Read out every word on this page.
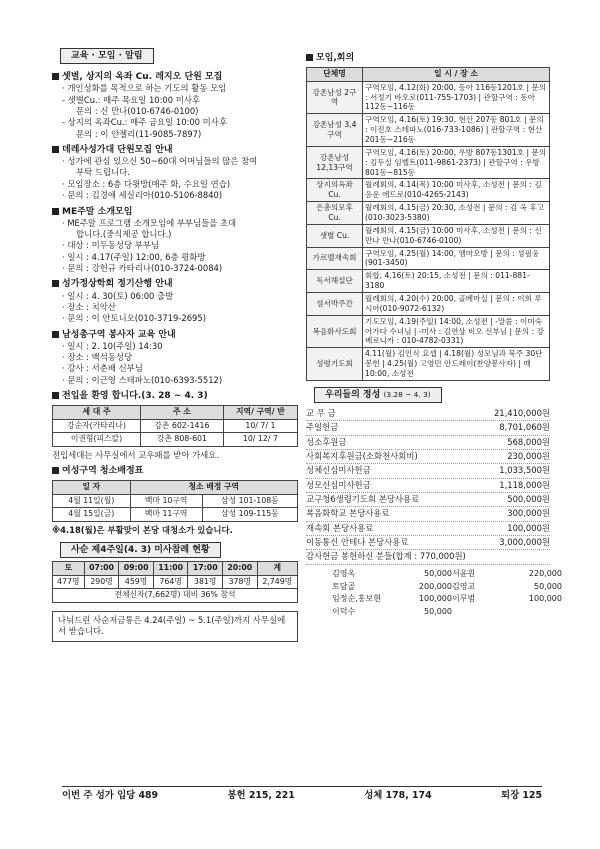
교육 · 모임 · 알림
셋별, 상지의 옥좌 Cu. 레지오 단원 모집
· 개인성화를 목적으로 하는 기도의 활동 모임
- 샛별Cu.: 매주 목요일 10:00 미사후
문의 : 신 만나(010-6746-0100)
- 상지의 옥좌Cu.: 매주 금요일 10:00 미사후
문의 : 이 안젤리(11-9085-7897)
데레사성가대 단원모집 안내
· 성가에 관심 있으신 50~60대 어머님들의 많은 참여
부탁 드립니다.
· 모임장소 : 6층 다윗방(매주 화, 수요일 연습)
· 문의 : 김경애 세실리아(010-5106-8840)
ME주말 소개모임
· ME주말 프로그램 소개모임에 부부님들을 초대
합니다.(중식제공 합니다.)
· 대상 : 미두동성당 부부님
· 일시 : 4.17(주일) 12:00, 6층 평화방
· 문의 : 강헌규 카타리나(010-3724-0084)
성가정상학회 정기산행 안내
· 일시 : 4. 30(토) 06:00 출발
· 장소 : 치악산
· 문의 : 이 안토니오(010-3719-2695)
남성총구역 봉사자 교육 안내
· 일시 : 2. 10(주일) 14:30
· 장소 : 백석동성당
· 강사 : 서춘배 신부님
· 문의 : 이근영 스테파노(010-6393-5512)
전입을 환영 합니다.(3. 28 ~ 4. 3)
세 대 주	주 소	지역/ 구역/ 반
강순자(카타리나)	강촌 602-1416	10/ 7/ 1
이권형(피스칼)	강촌 808-601	10/ 12/ 7
전입세대는 사무실에서 교우패를 받아 가세요.
여성구역 청소배정표
일 자	청소 배정 구역	
4월 11일(월)	백마 10구역	삼성 101-108동
4월 15일(금)	백마 11구역	삼성 109-115동
※4.18(월)은 부활맞이 본당 대청소가 있습니다.
사순 제4주일(4. 3) 미사참례 현황
토	07:00	09:00	11:00	17:00	20:00	계
477명	290명	459명	764명	381명	378명	2,749명
전체신자(7,662명) 대비 36% 참석						
나눠드린 사순저금통은 4.24(주일) ~ 5.1(주일)까지 사무실에서 받습니다.
모임,회의
단체명	일 시 / 장 소
강촌남성 2구역	구역모임, 4.12(화) 20:00, 동아 116동1201호 | 문의 : 서정기 바오로(011-755-1703) | 관할구역 : 동아 112동~116동
강촌남성 3,4구역	구역모임, 4.16(토) 19:30, 현산 207동 801호 | 문의 : 이진호 스테파노(016-733-1086) | 관할구역 : 현산 201동~216동
강촌남성 12,13구역	구역모임, 4.16(토) 20:00, 우방 807동1301호 | 문의 : 김두실 임벨트(011-9861-2373) | 관할구역 : 우방 801동~815동
상지의옥좌 Cu.	월례회의, 4.14(목) 10:00 미사후, 소성전 | 문의 : 김응운 에드로(010-4265-2143)
은총의모후 Cu.	월례회의, 4.15(금) 20:30, 소성전 | 문의 : 김 옥 후고(010-3023-5380)
샛별 Cu.	월례회의, 4.15(금) 10:00 미사후, 소성전 | 문의 : 신만나 만나(010-6746-0100)
가르멜재속회	구역모임, 4.25(월) 14:00, 엠마오방 | 문의 : 성필웅(901-3450)
독서해설단	회합, 4.16(토) 20:15, 소성전 | 문의 : 011-881-3180
섬서박주간	월례회의, 4.20(수) 20:00, 골베마실 | 문의 : 이희 루시아(010-9072-6132)
복음화사도회	기도모임, 4.19(주일) 14:00, 소성전 | -말씀 : 이미숙 아가다 수녀님 | -미사 : 김연상 비오 신부님 | 문의 : 강 베로니카 : 010-4782-0331)
성령기도회	4.11(월) 김인식 요셉 | 4.18(월) 성모님과 묵주 30단 봉헌 | 4.25(월) 고영민 안드레이(찬양봉사자) | 매 10:00, 소성전
우리들의 정성 (3.28 ~ 4. 3)
교 무 금	21,410,000원
주일헌금	8,701,060원
성소후원금	568,000원
사회복지후원금(소화천사회비)	230,000원
성체신심미사헌금	1,033,500원
성모신심미사헌금	1,118,000원
교구청6생령기도회 본당사용료	500,000원
복음화학교 본당사용료	300,000원
재속회 본당사용료	100,000원
이동통신 안테나 본당사용료	3,000,000원
감사헌금 봉헌하신 분들(합계 : 770,000원)
김영옥	50,000 서윤원	220,000
토담골	200,000 김영교	50,000
임정순,홍보현	100,000 이무범	100,000
이덕수	50,000
이번 주 성가 입당 489	봉헌 215, 221	성체 178, 174	퇴장 125
